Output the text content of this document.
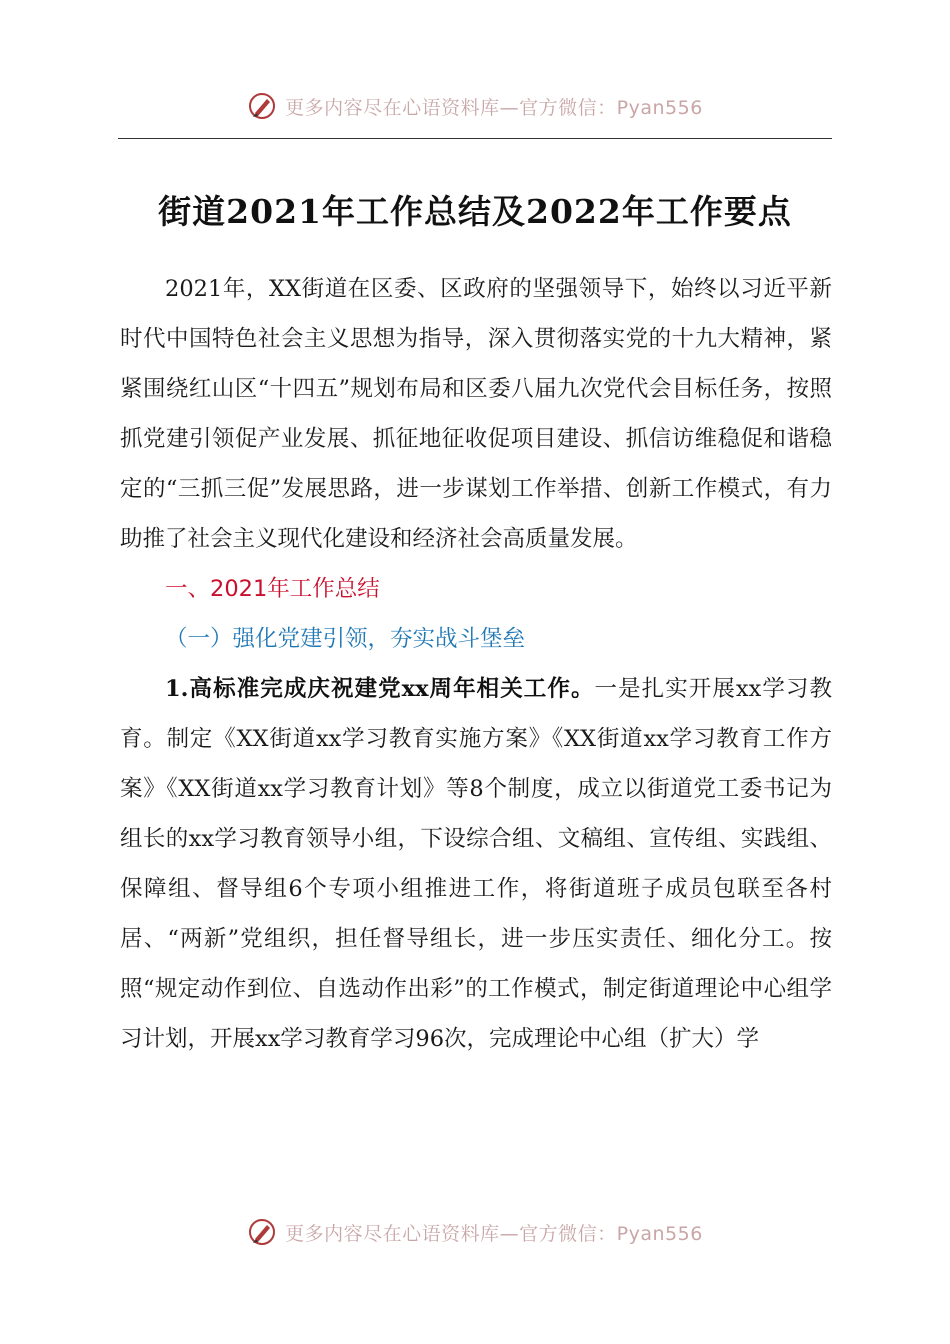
更多内容尽在心语资料库—官方微信：Pyan556
街道2021年工作总结及2022年工作要点

2021年，XX街道在区委、区政府的坚强领导下，始终以习近平新时代中国特色社会主义思想为指导，深入贯彻落实党的十九大精神，紧紧围绕红山区“十四五”规划布局和区委八届九次党代会目标任务，按照抓党建引领促产业发展、抓征地征收促项目建设、抓信访维稳促和谐稳定的“三抓三促”发展思路，进一步谋划工作举措、创新工作模式，有力助推了社会主义现代化建设和经济社会高质量发展。

一、2021年工作总结

（一）强化党建引领，夯实战斗堡垒

1.高标准完成庆祝建党xx周年相关工作。一是扎实开展xx学习教育。制定《XX街道xx学习教育实施方案》《XX街道xx学习教育工作方案》《XX街道xx学习教育计划》等8个制度，成立以街道党工委书记为组长的xx学习教育领导小组，下设综合组、文稿组、宣传组、实践组、保障组、督导组6个专项小组推进工作，将街道班子成员包联至各村居、“两新”党组织，担任督导组长，进一步压实责任、细化分工。按照“规定动作到位、自选动作出彩”的工作模式，制定街道理论中心组学习计划，开展xx学习教育学习96次，完成理论中心组（扩大）学

更多内容尽在心语资料库—官方微信：Pyan556
